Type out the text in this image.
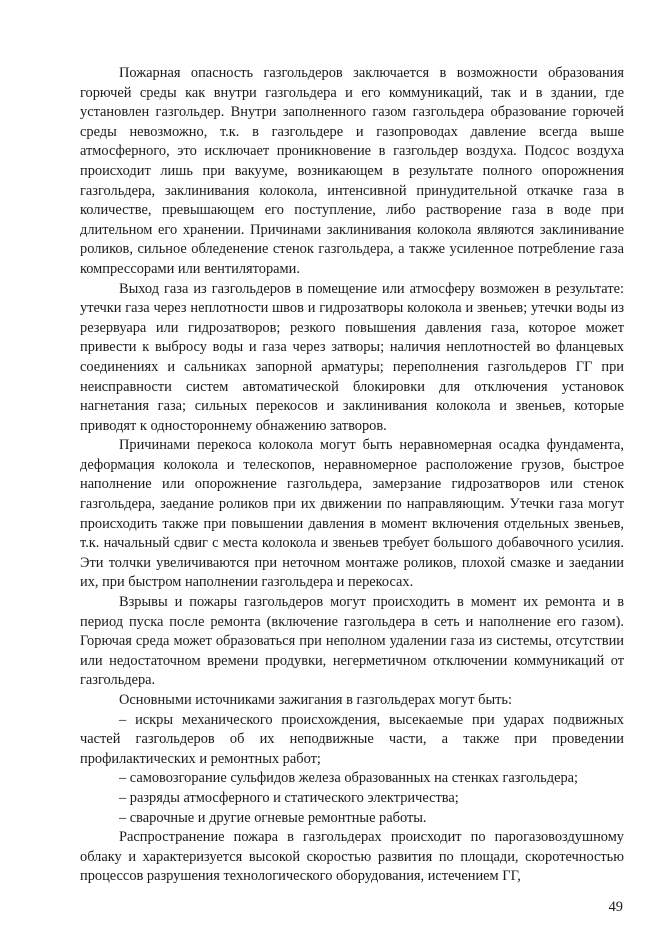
Пожарная опасность газгольдеров заключается в возможности образования горючей среды как внутри газгольдера и его коммуникаций, так и в здании, где установлен газгольдер. Внутри заполненного газом газгольдера образование горючей среды невозможно, т.к. в газгольдере и газопроводах давление всегда выше атмосферного, это исключает проникновение в газгольдер воздуха. Подсос воздуха происходит лишь при вакууме, возникающем в результате полного опорожнения газгольдера, заклинивания колокола, интенсивной принудительной откачке газа в количестве, превышающем его поступление, либо растворение газа в воде при длительном его хранении. Причинами заклинивания колокола являются заклинивание роликов, сильное обледенение стенок газгольдера, а также усиленное потребление газа компрессорами или вентиляторами.

Выход газа из газгольдеров в помещение или атмосферу возможен в результате: утечки газа через неплотности швов и гидрозатворы колокола и звеньев; утечки воды из резервуара или гидрозатворов; резкого повышения давления газа, которое может привести к выбросу воды и газа через затворы; наличия неплотностей во фланцевых соединениях и сальниках запорной арматуры; переполнения газгольдеров ГГ при неисправности систем автоматической блокировки для отключения установок нагнетания газа; сильных перекосов и заклинивания колокола и звеньев, которые приводят к одностороннему обнажению затворов.

Причинами перекоса колокола могут быть неравномерная осадка фундамента, деформация колокола и телескопов, неравномерное расположение грузов, быстрое наполнение или опорожнение газгольдера, замерзание гидрозатворов или стенок газгольдера, заедание роликов при их движении по направляющим. Утечки газа могут происходить также при повышении давления в момент включения отдельных звеньев, т.к. начальный сдвиг с места колокола и звеньев требует большого добавочного усилия. Эти толчки увеличиваются при неточном монтаже роликов, плохой смазке и заедании их, при быстром наполнении газгольдера и перекосах.

Взрывы и пожары газгольдеров могут происходить в момент их ремонта и в период пуска после ремонта (включение газгольдера в сеть и наполнение его газом). Горючая среда может образоваться при неполном удалении газа из системы, отсутствии или недостаточном времени продувки, негерметичном отключении коммуникаций от газгольдера.

Основными источниками зажигания в газгольдерах могут быть:

– искры механического происхождения, высекаемые при ударах подвижных частей газгольдеров об их неподвижные части, а также при проведении профилактических и ремонтных работ;

– самовозгорание сульфидов железа образованных на стенках газгольдера;

– разряды атмосферного и статического электричества;

– сварочные и другие огневые ремонтные работы.

Распространение пожара в газгольдерах происходит по парогазовоздушному облаку и характеризуется высокой скоростью развития по площади, скоротечностью процессов разрушения технологического оборудования, истечением ГГ,

49
